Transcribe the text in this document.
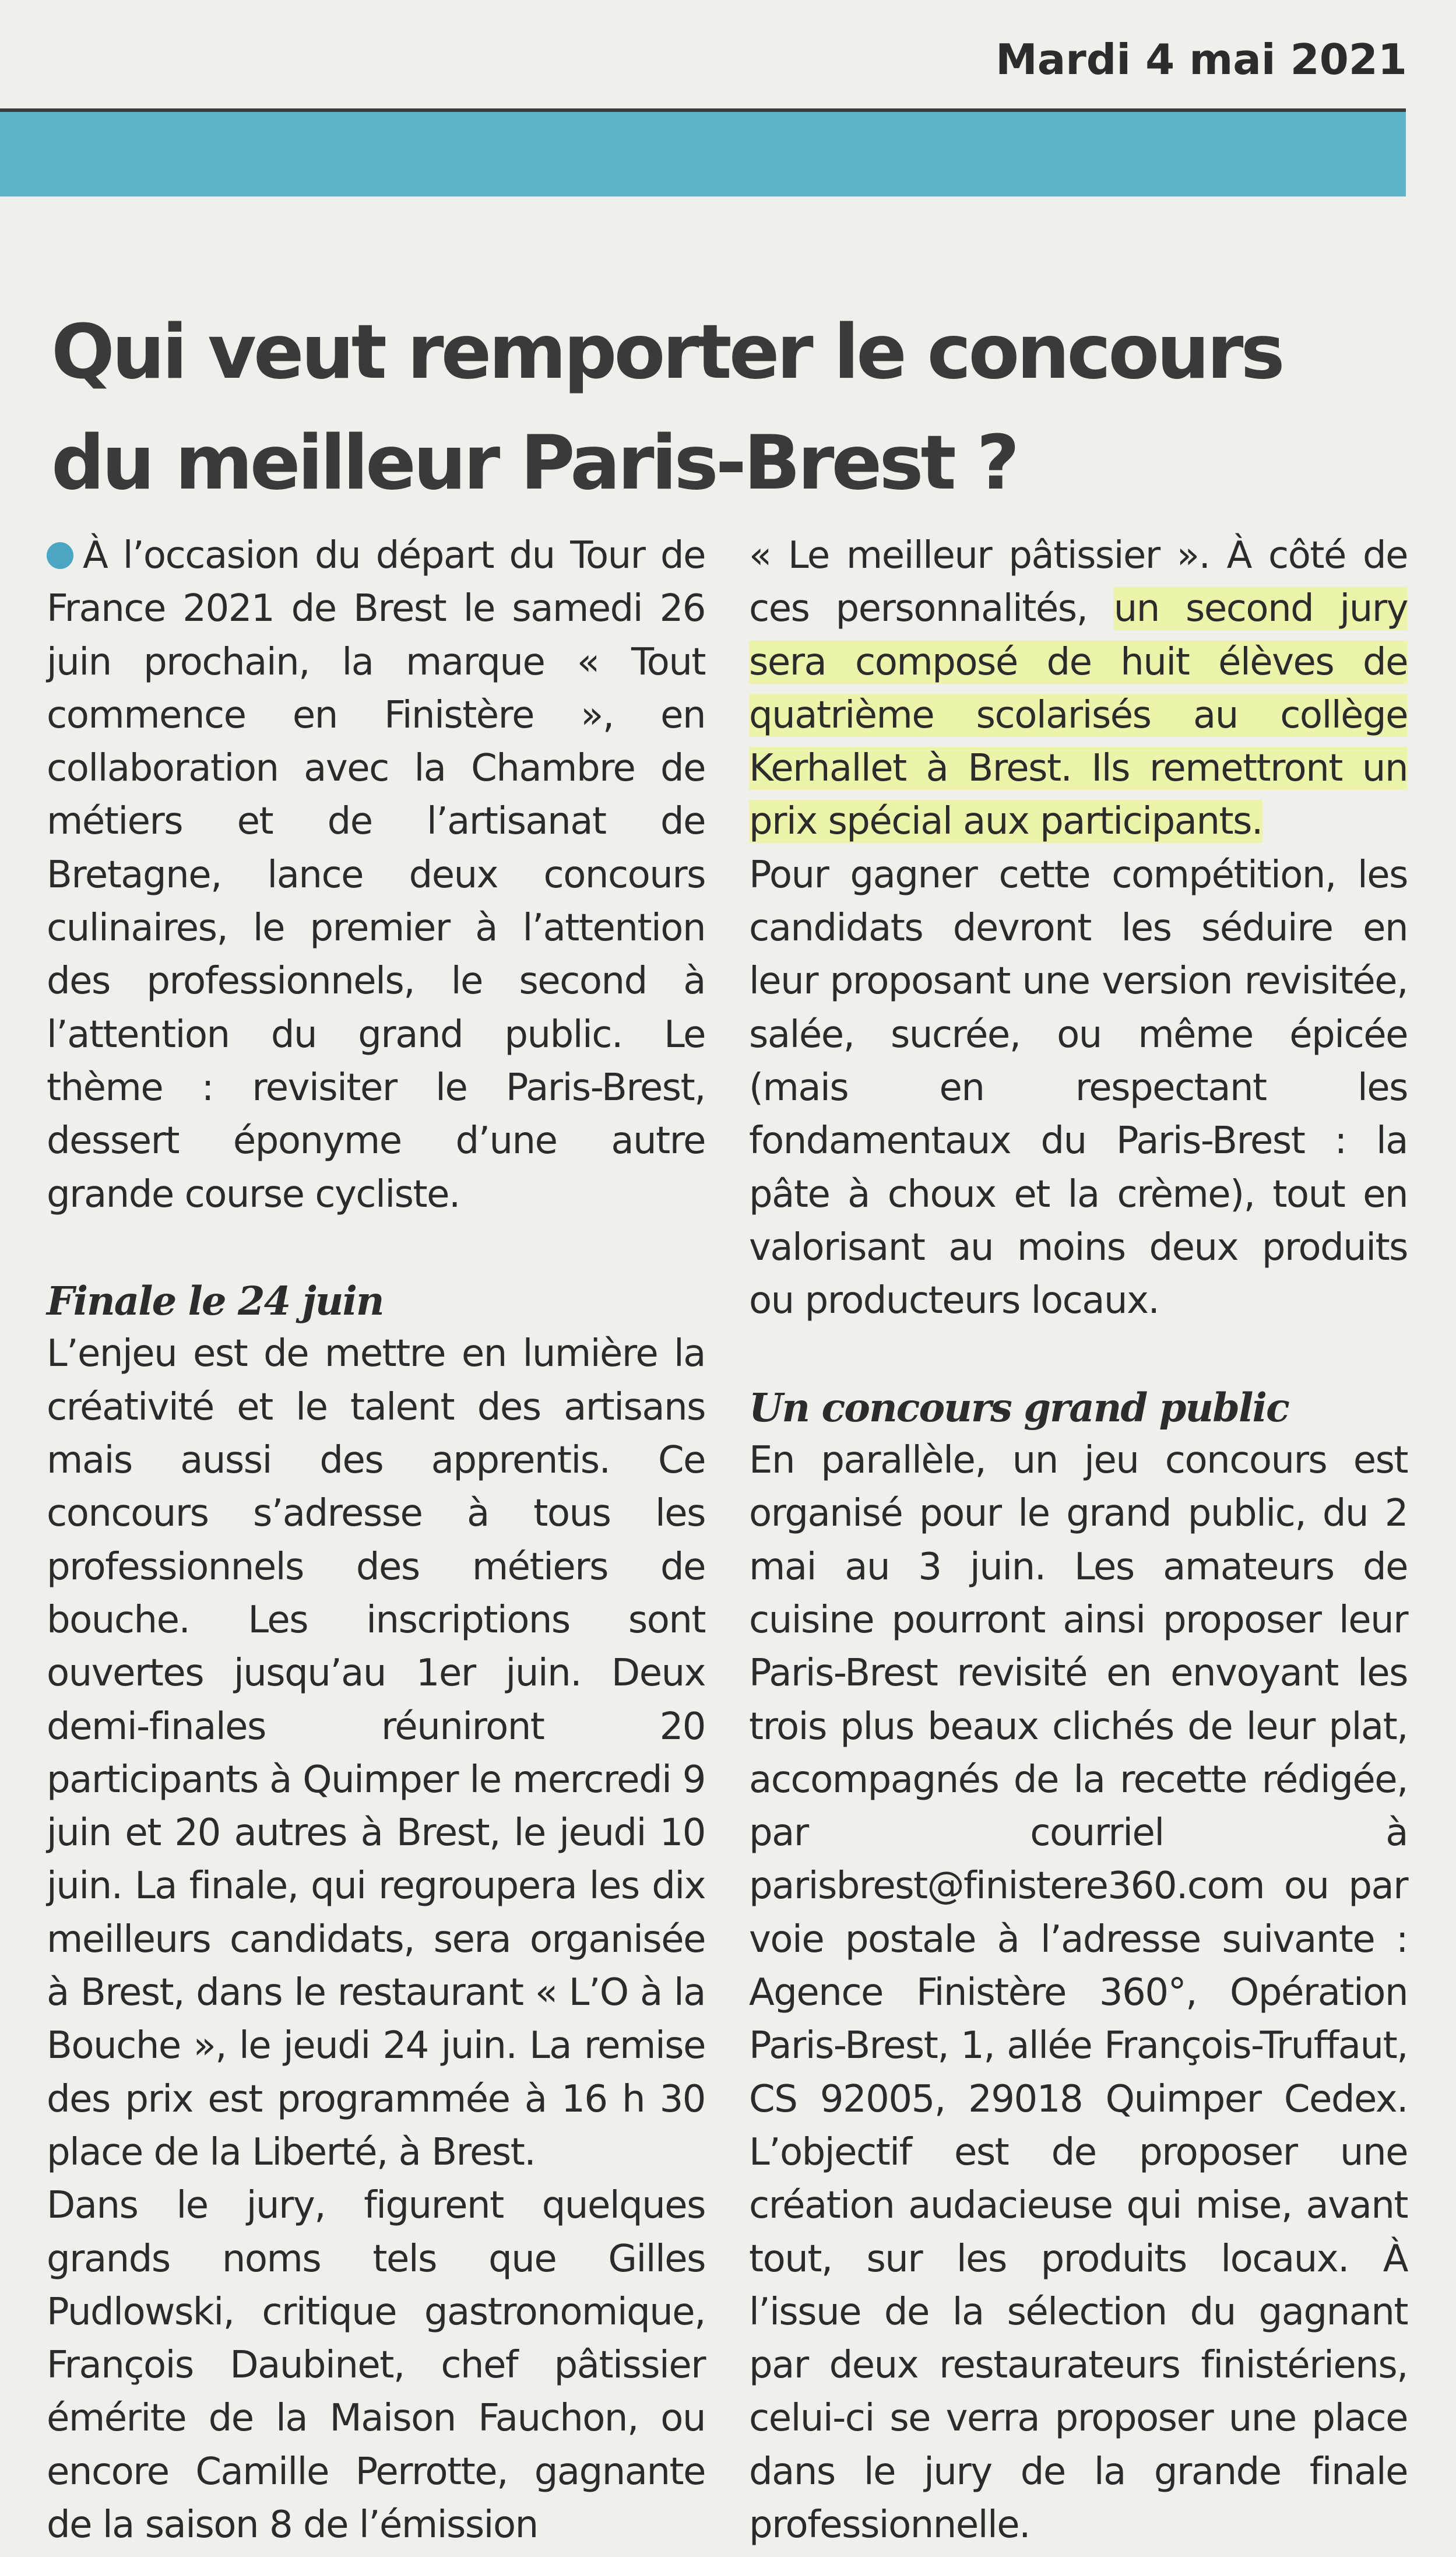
Mardi 4 mai 2021
Qui veut remporter le concours du meilleur Paris-Brest ?

À l’occasion du départ du Tour de France 2021 de Brest le samedi 26 juin prochain, la marque « Tout commence en Finistère », en collaboration avec la Chambre de métiers et de l’artisanat de Bretagne, lance deux concours culinaires, le premier à l’attention des professionnels, le second à l’attention du grand public. Le thème : revisiter le Paris-Brest, dessert éponyme d’une autre grande course cycliste.

Finale le 24 juin

L’enjeu est de mettre en lumière la créativité et le talent des artisans mais aussi des apprentis. Ce concours s’adresse à tous les professionnels des métiers de bouche. Les inscriptions sont ouvertes jusqu’au 1er juin. Deux demi-finales réuniront 20 participants à Quimper le mercredi 9 juin et 20 autres à Brest, le jeudi 10 juin. La finale, qui regroupera les dix meilleurs candidats, sera organisée à Brest, dans le restaurant « L’O à la Bouche », le jeudi 24 juin. La remise des prix est programmée à 16 h 30 place de la Liberté, à Brest.

Dans le jury, figurent quelques grands noms tels que Gilles Pudlowski, critique gastronomique, François Daubinet, chef pâtissier émérite de la Maison Fauchon, ou encore Camille Perrotte, gagnante de la saison 8 de l’émission

« Le meilleur pâtissier ». À côté de ces personnalités, un second jury sera composé de huit élèves de quatrième scolarisés au collège Kerhallet à Brest. Ils remettront un prix spécial aux participants.

Pour gagner cette compétition, les candidats devront les séduire en leur proposant une version revisitée, salée, sucrée, ou même épicée (mais en respectant les fondamentaux du Paris-Brest : la pâte à choux et la crème), tout en valorisant au moins deux produits ou producteurs locaux.

Un concours grand public

En parallèle, un jeu concours est organisé pour le grand public, du 2 mai au 3 juin. Les amateurs de cuisine pourront ainsi proposer leur Paris-Brest revisité en envoyant les trois plus beaux clichés de leur plat, accompagnés de la recette rédigée, par courriel à parisbrest@finistere360.com ou par voie postale à l’adresse suivante : Agence Finistère 360°, Opération Paris-Brest, 1, allée François-Truffaut, CS 92005, 29018 Quimper Cedex. L’objectif est de proposer une création audacieuse qui mise, avant tout, sur les produits locaux. À l’issue de la sélection du gagnant par deux restaurateurs finistériens, celui-ci se verra proposer une place dans le jury de la grande finale professionnelle.
